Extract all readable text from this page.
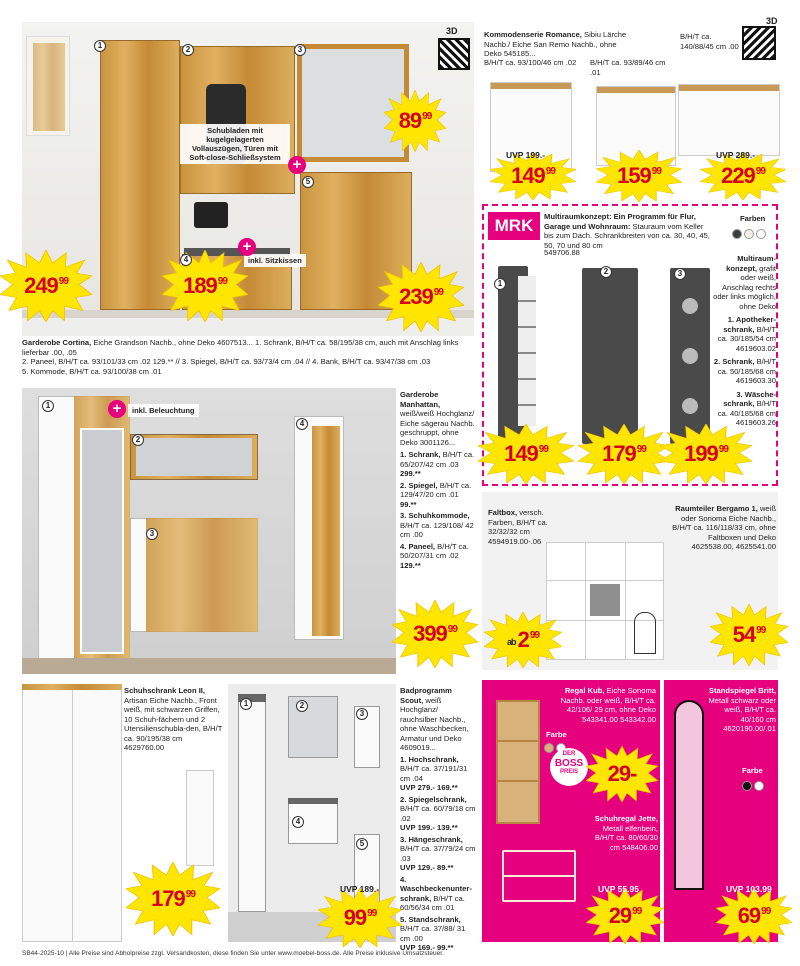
3D
1	2	3
4
5
Schubladen mit kugelgelagerten Vollauszügen, Türen mit Soft-close-Schließsystem +
inkl. Sitzkissen
+
$249^{99}$	$189^{99}$
$89^{99}$
$239^{99}$
Garderobe Cortina, Eiche Grandson Nachb., ohne Deko 4607513... 1. Schrank, B/H/T ca. 58/195/38 cm, auch mit Anschlag links lieferbar .00, .05
2. Paneel, B/H/T ca. 93/101/33 cm .02 129.** // 3. Spiegel, B/H/T ca. 93/73/4 cm .04 // 4. Bank, B/H/T ca. 93/47/38 cm .03
5. Kommode, B/H/T ca. 93/100/38 cm .01
Kommodenserie Romance, Sibiu Lärche Nachb./ Eiche San Remo Nachb., ohne Deko 545185...
3D
B/H/T ca. 93/100/46 cm .02	B/H/T ca. 93/89/46 cm .01
B/H/T ca. 140/88/45 cm .00
UVP 199.-	UVP 289.-
$149^{99}$	$159^{99}$	$229^{99}$
MRK	Multiraumkonzept: Ein Programm für Flur, Garage und Wohnraum: Stauraum vom Keller bis zum Dach. Schrankbreiten von ca. 30, 40, 45, 50, 70 und 80 cm
549706.88
Farben
1
2	3
Multiraum-konzept, grafit oder weiß, Anschlag rechts oder links möglich, ohne Deko
1. Apotheker-schrank, B/H/T ca. 30/185/54 cm 4619603.02
2. Schrank, B/H/T ca. 50/185/68 cm 4619603.30
3. Wäsche-schrank, B/H/T ca. 40/185/68 cm 4619603.26
$149^{99}$ $179^{99}$ $199^{99}$
1
2
3
4
+	inkl. Beleuchtung
Garderobe Manhattan,
weiß/weiß Hochglanz/ Eiche sägerau Nachb. geschruppt, ohne Deko 3001126...
1. Schrank, B/H/T ca. 65/207/42 cm .03
299.**
2. Spiegel, B/H/T ca. 129/47/20 cm .01
99.**
3. Schuhkommode, B/H/T ca. 129/108/ 42 cm .00
4. Paneel, B/H/T ca. 50/207/31 cm .02
129.**
$399^{99}$
Faltbox, versch. Farben, B/H/T ca. 32/32/32 cm 4594919.00-.06
Raumteiler Bergamo 1, weiß oder Sonoma Eiche Nachb., B/H/T ca. 116/118/33 cm, ohne Faltboxen und Deko 4625538.00, 4625541.00
ab $2^{99}$	$54^{99}$
Schuhschrank Leon II, Artisan Eiche Nachb., Front weiß, mit schwarzen Griffen, 10 Schuh-fächern und 2 Utensilienschubla-den, B/H/T ca. 90/195/38 cm 4629760.00
$179^{99}$
1	2
3
4
5
UVP 189.-
$99^{99}$
Badprogramm Scout, weiß Hochglanz/ rauchsilber Nachb., ohne Waschbecken, Armatur und Deko 4609019...
1. Hochschrank, B/H/T ca. 37/191/31 cm .04
UVP 279.- 169.**
2. Spiegelschrank, B/H/T ca. 60/79/18 cm .02
UVP 199.- 139.**
3. Hängeschrank, B/H/T ca. 37/79/24 cm .03
UVP 129.- 89.**
4. Waschbeckenunter-schrank, B/H/T ca. 60/56/34 cm .01
5. Standschrank, B/H/T ca. 37/88/ 31 cm .00
UVP 169.- 99.**
Regal Kub, Eiche Sonoma Nachb. oder weiß, B/H/T ca. 42/106/ 29 cm, ohne Deko 543341.00 543342.00
Farbe
DER
BOSS
PREIS	29 -
Schuhregal Jette, Metall elfenbein, B/H/T ca. 80/60/30 cm 548406.00
UVP 55.95
$29^{99}$
Standspiegel Britt, Metall schwarz oder weiß, B/H/T ca. 40/160 cm 4620190.00/.01
Farbe
UVP 103.99
$69^{99}$
SB44-2025-10 | Alle Preise sind Abholpreise zzgl. Versandkosten, diese finden Sie unter www.moebel-boss.de. Alle Preise inklusive Umsatzsteuer.
